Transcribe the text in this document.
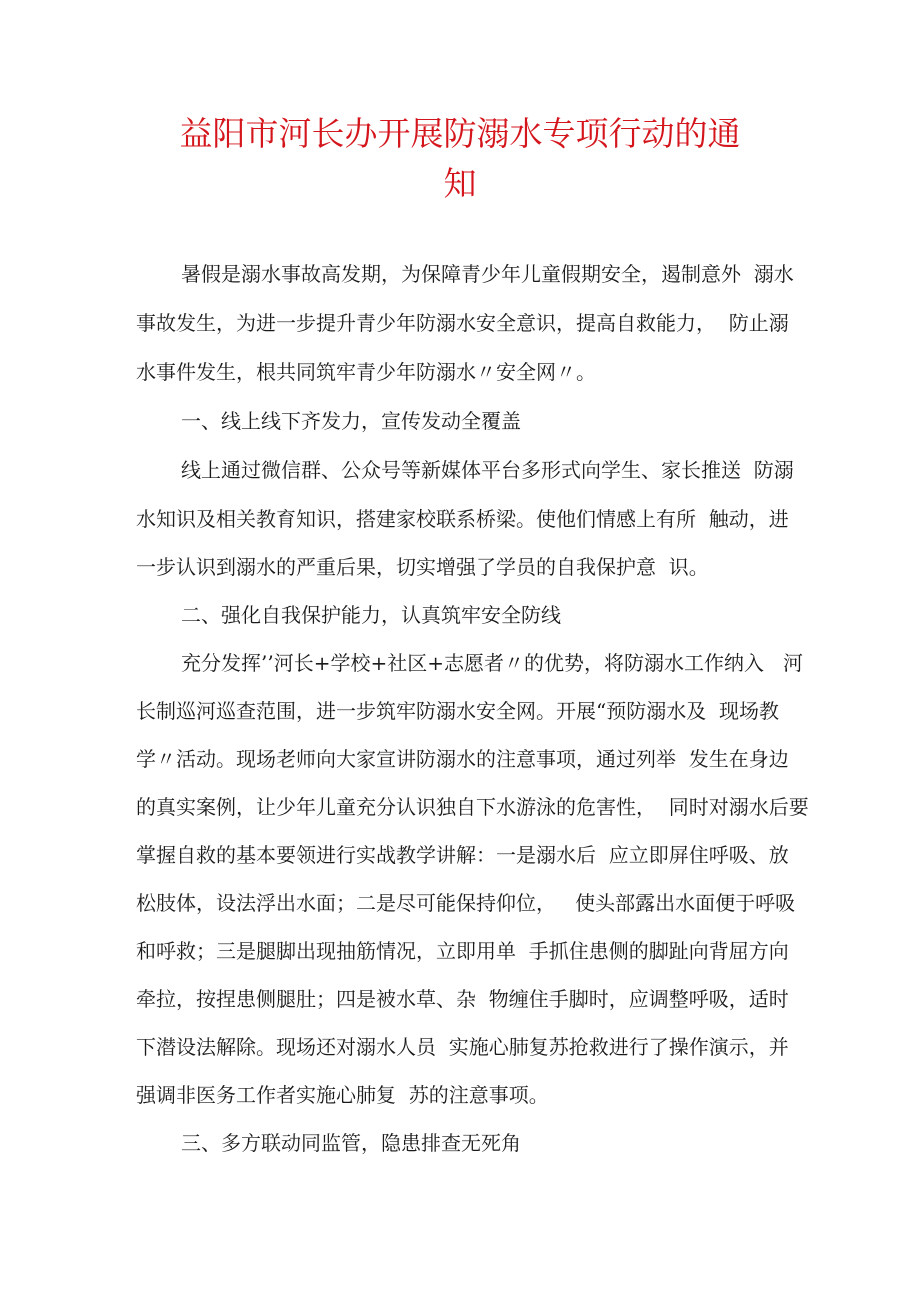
益阳市河长办开展防溺水专项行动的通
知
暑假是溺水事故高发期，为保障青少年儿童假期安全，遏制意外  溺水
事故发生，为进一步提升青少年防溺水安全意识，提高自救能力，  防止溺
水事件发生，根共同筑牢青少年防溺水〃安全网〃。
一、线上线下齐发力，宣传发动全覆盖
线上通过微信群、公众号等新媒体平台多形式向学生、家长推送  防溺
水知识及相关教育知识，搭建家校联系桥梁。使他们情感上有所  触动，进
一步认识到溺水的严重后果，切实增强了学员的自我保护意  识。
二、强化自我保护能力，认真筑牢安全防线
充分发挥’’河长+学校+社区+志愿者〃的优势，将防溺水工作纳入   河
长制巡河巡查范围，进一步筑牢防溺水安全网。开展“预防溺水及  现场教
学〃活动。现场老师向大家宣讲防溺水的注意事项，通过列举  发生在身边
的真实案例，让少年儿童充分认识独自下水游泳的危害性，  同时对溺水后要
掌握自救的基本要领进行实战教学讲解：一是溺水后  应立即屏住呼吸、放
松肢体，设法浮出水面；二是尽可能保持仰位，   使头部露出水面便于呼吸
和呼救；三是腿脚出现抽筋情况，立即用单  手抓住患侧的脚趾向背屈方向
牵拉，按捏患侧腿肚；四是被水草、杂  物缠住手脚时，应调整呼吸，适时
下潜设法解除。现场还对溺水人员  实施心肺复苏抢救进行了操作演示，并
强调非医务工作者实施心肺复  苏的注意事项。
三、多方联动同监管，隐患排查无死角
